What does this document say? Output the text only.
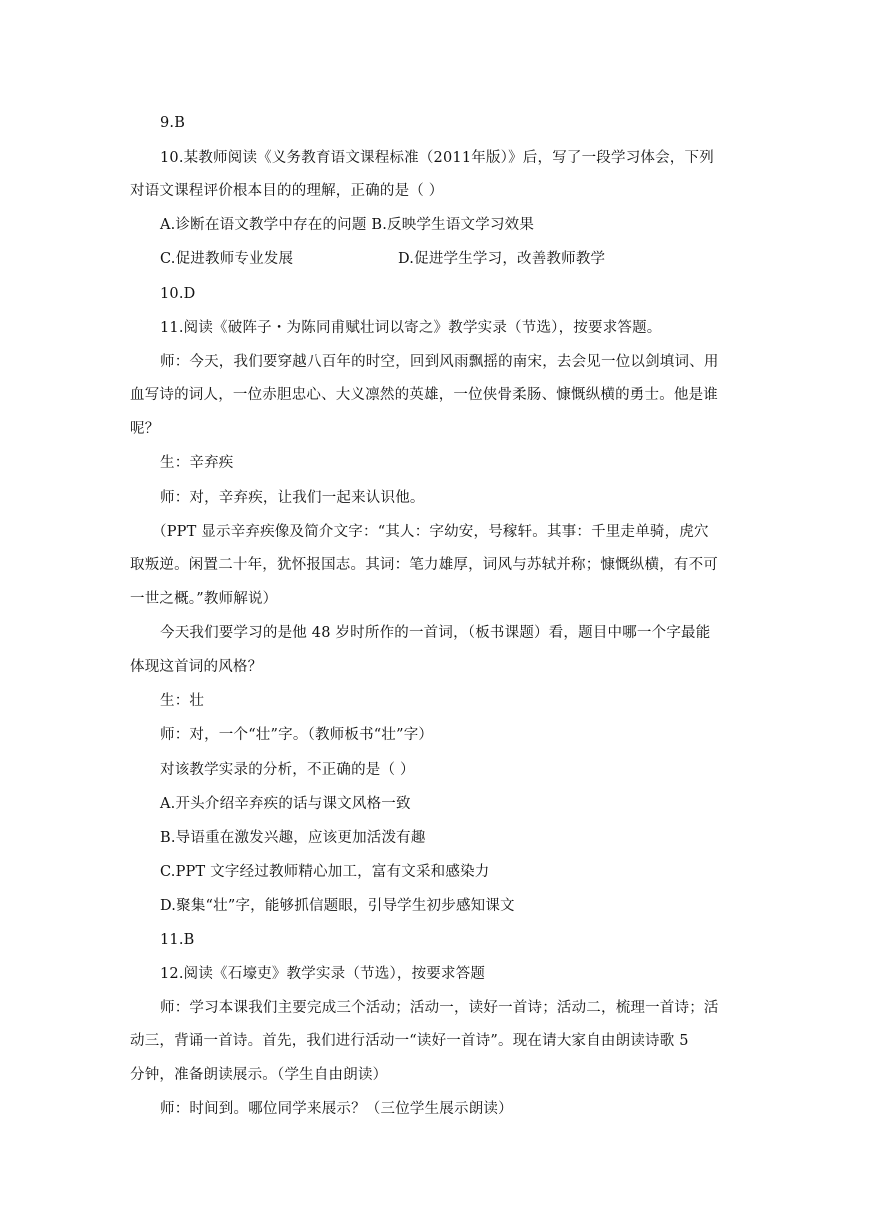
9.B
10.某教师阅读《义务教育语文课程标准（2011年版）》后，写了一段学习体会，下列
对语文课程评价根本目的的理解，正确的是（ ）
A.诊断在语文教学中存在的问题 B.反映学生语文学习效果
C.促进教师专业发展	D.促进学生学习，改善教师教学
10.D
11.阅读《破阵子・为陈同甫赋壮词以寄之》教学实录（节选），按要求答题。
师：今天，我们要穿越八百年的时空，回到风雨飘摇的南宋，去会见一位以剑填词、用
血写诗的词人，一位赤胆忠心、大义凛然的英雄，一位侠骨柔肠、慷慨纵横的勇士。他是谁
呢？
生：辛弃疾
师：对，辛弃疾，让我们一起来认识他。
（PPT 显示辛弃疾像及简介文字：“其人：字幼安，号稼轩。其事：千里走单骑，虎穴
取叛逆。闲置二十年，犹怀报国志。其词：笔力雄厚，词风与苏轼并称；慷慨纵横，有不可
一世之概。”教师解说）
今天我们要学习的是他 48 岁时所作的一首词，（板书课题）看，题目中哪一个字最能
体现这首词的风格？
生：壮
师：对，一个“壮”字。（教师板书“壮”字）
对该教学实录的分析，不正确的是（ ）
A.开头介绍辛弃疾的话与课文风格一致
B.导语重在激发兴趣，应该更加活泼有趣
C.PPT 文字经过教师精心加工，富有文采和感染力
D.聚集“壮”字，能够抓信题眼，引导学生初步感知课文
11.B
12.阅读《石壕吏》教学实录（节选），按要求答题
师：学习本课我们主要完成三个活动；活动一，读好一首诗；活动二，梳理一首诗；活
动三，背诵一首诗。首先，我们进行活动一“读好一首诗”。现在请大家自由朗读诗歌 5
分钟，准备朗读展示。（学生自由朗读）
师：时间到。哪位同学来展示？（三位学生展示朗读）
